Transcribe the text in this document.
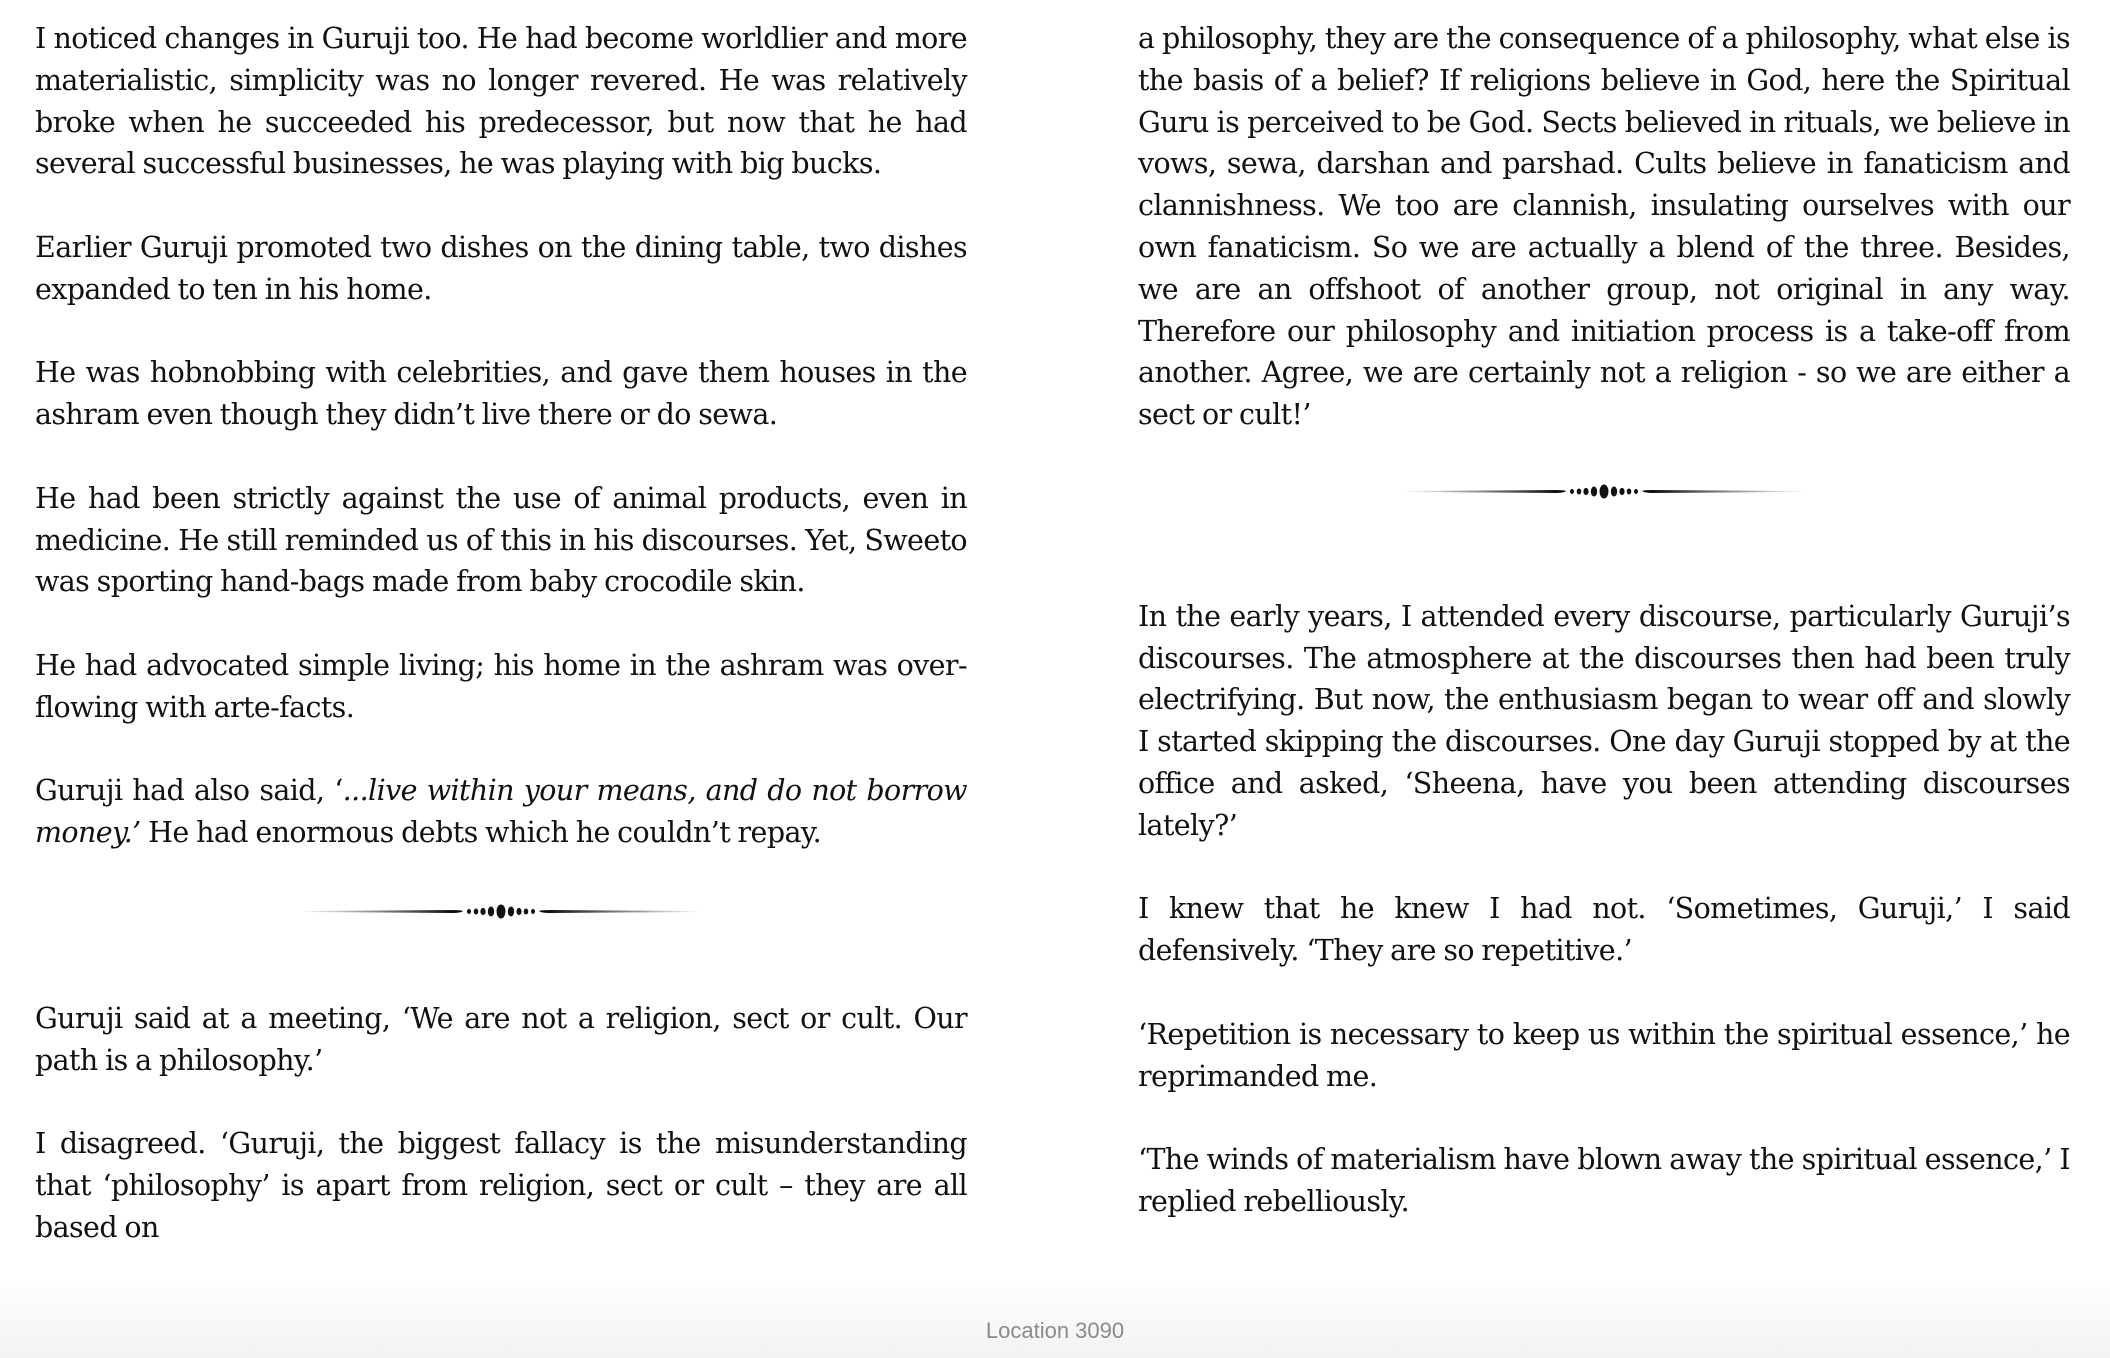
I noticed changes in Guruji too. He had become worldlier and more materialistic, simplicity was no longer revered. He was relatively broke when he succeeded his predecessor, but now that he had several successful businesses, he was playing with big bucks.

Earlier Guruji promoted two dishes on the dining table, two dishes expanded to ten in his home.

He was hobnobbing with celebrities, and gave them houses in the ashram even though they didn’t live there or do sewa.

He had been strictly against the use of animal products, even in medicine. He still reminded us of this in his discourses. Yet, Sweeto was sporting hand-bags made from baby crocodile skin.

He had advocated simple living; his home in the ashram was over-flowing with arte-facts.

Guruji had also said, ‘...live within your means, and do not borrow money.’ He had enormous debts which he couldn’t repay.

Guruji said at a meeting, ‘We are not a religion, sect or cult. Our path is a philosophy.’

I disagreed. ‘Guruji, the biggest fallacy is the misunderstanding that ‘philosophy’ is apart from religion, sect or cult – they are all based on

a philosophy, they are the consequence of a philosophy, what else is the basis of a belief? If religions believe in God, here the Spiritual Guru is perceived to be God. Sects believed in rituals, we believe in vows, sewa, darshan and parshad. Cults believe in fanaticism and clannishness. We too are clannish, insulating ourselves with our own fanaticism. So we are actually a blend of the three. Besides, we are an offshoot of another group, not original in any way. Therefore our philosophy and initiation process is a take-off from another. Agree, we are certainly not a religion - so we are either a sect or cult!’

In the early years, I attended every discourse, particularly Guruji’s discourses. The atmosphere at the discourses then had been truly electrifying. But now, the enthusiasm began to wear off and slowly I started skipping the discourses. One day Guruji stopped by at the office and asked, ‘Sheena, have you been attending discourses lately?’

I knew that he knew I had not. ‘Sometimes, Guruji,’ I said defensively. ‘They are so repetitive.’

‘Repetition is necessary to keep us within the spiritual essence,’ he reprimanded me.

‘The winds of materialism have blown away the spiritual essence,’ I replied rebelliously.

Location 3090
